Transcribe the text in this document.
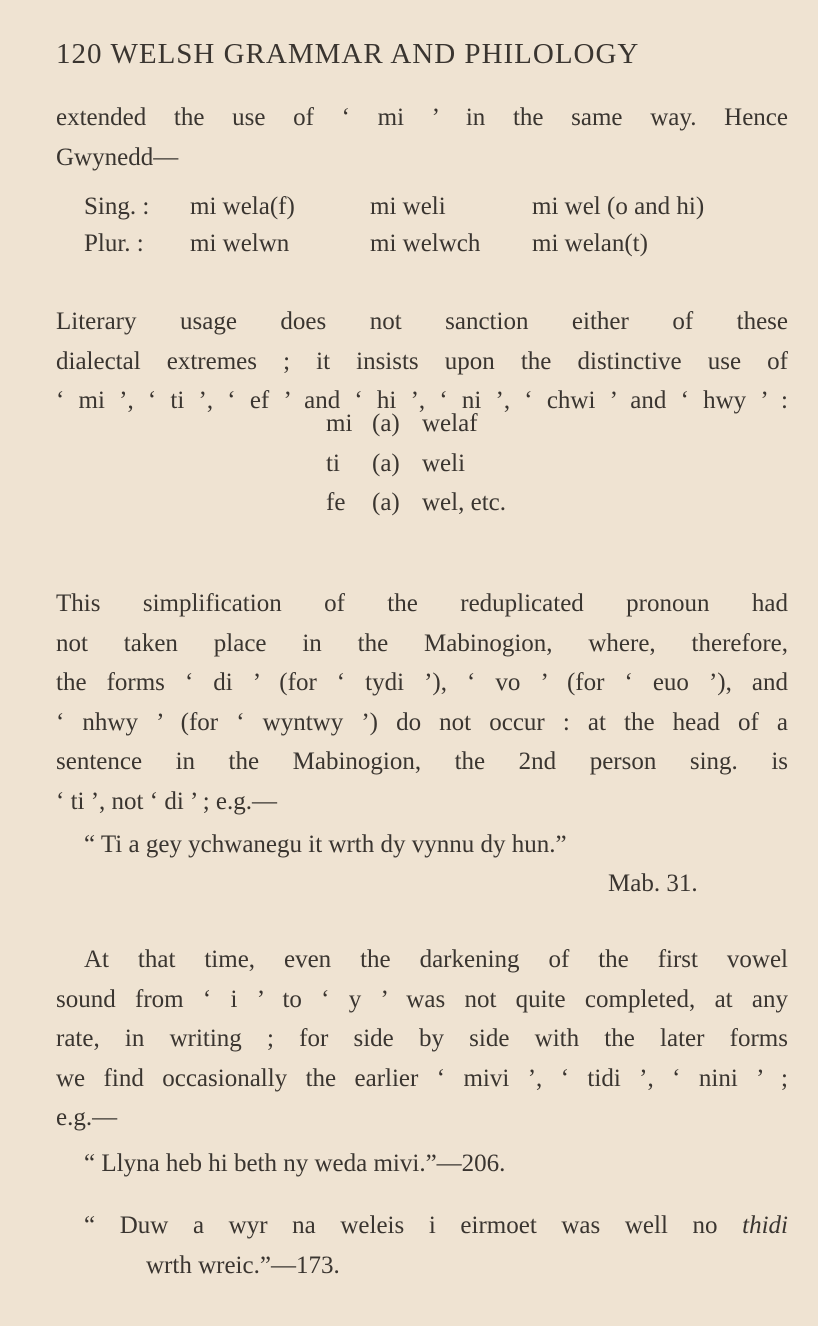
120 WELSH GRAMMAR AND PHILOLOGY
extended the use of ‘ mi ’ in the same way. Hence
Gwynedd—
Sing. : mi wela(f)	mi weli	mi wel (o and hi)
Plur. : mi welwn	mi welwch mi welan(t)
Literary usage does not sanction either of these
dialectal extremes ; it insists upon the distinctive use of
‘ mi ’, ‘ ti ’, ‘ ef ’ and ‘ hi ’, ‘ ni ’, ‘ chwi ’ and ‘ hwy ’ :
mi (a) welaf
ti (a) weli
fe (a) wel, etc.
This simplification of the reduplicated pronoun had
not taken place in the Mabinogion, where, therefore,
the forms ‘ di ’ (for ‘ tydi ’), ‘ vo ’ (for ‘ euo ’), and
‘ nhwy ’ (for ‘ wyntwy ’) do not occur : at the head of a
sentence in the Mabinogion, the 2nd person sing. is
‘ ti ’, not ‘ di ’ ; e.g.—
“ Ti a gey ychwanegu it wrth dy vynnu dy hun.”
Mab. 31.
At that time, even the darkening of the first vowel
sound from ‘ i ’ to ‘ y ’ was not quite completed, at any
rate, in writing ; for side by side with the later forms
we find occasionally the earlier ‘ mivi ’, ‘ tidi ’, ‘ nini ’ ;
e.g.—
“ Llyna heb hi beth ny weda mivi.”—206.
“ Duw a wyr na weleis i eirmoet was well no thidi
wrth wreic.”—173.
